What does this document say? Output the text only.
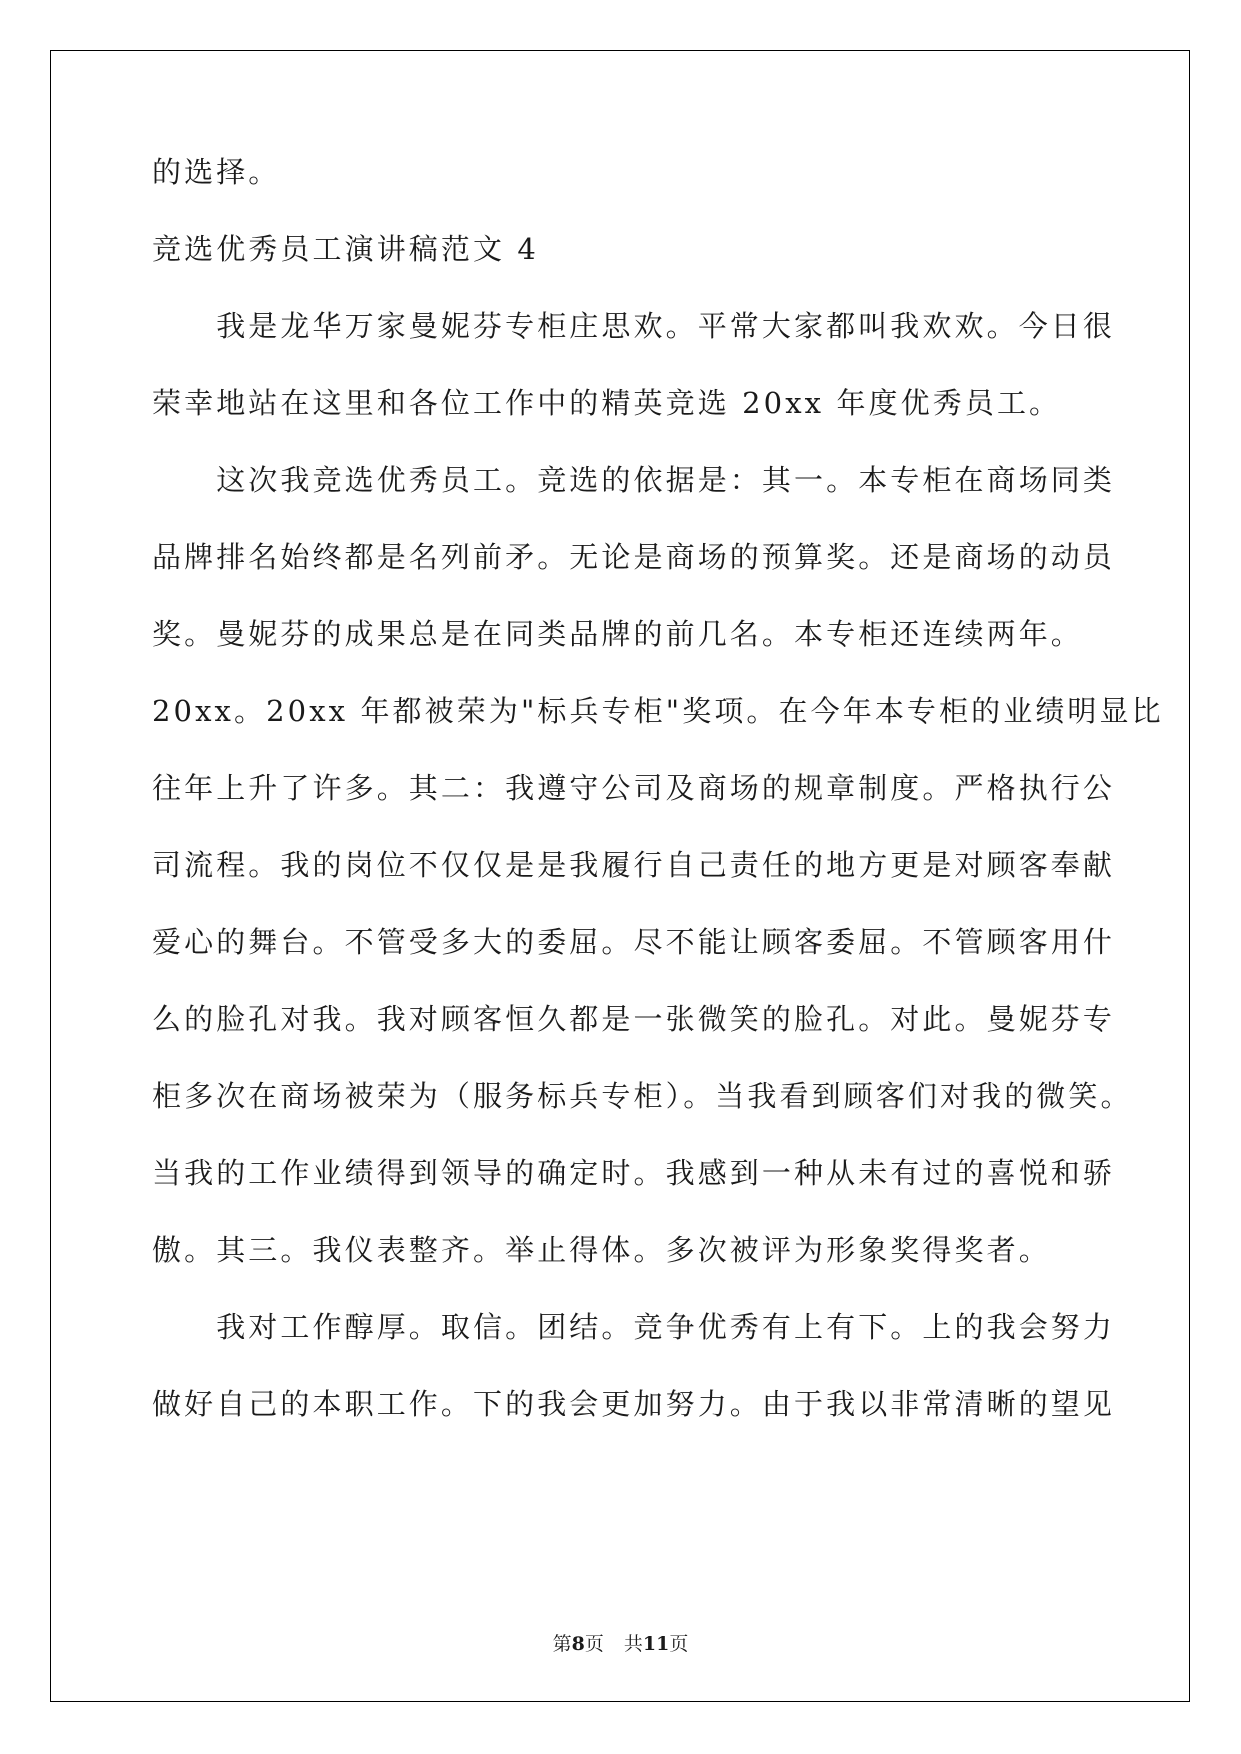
的选择。

竞选优秀员工演讲稿范文 4

　　我是龙华万家曼妮芬专柜庄思欢。平常大家都叫我欢欢。今日很

荣幸地站在这里和各位工作中的精英竞选 20xx 年度优秀员工。

　　这次我竞选优秀员工。竞选的依据是：其一。本专柜在商场同类

品牌排名始终都是名列前矛。无论是商场的预算奖。还是商场的动员

奖。曼妮芬的成果总是在同类品牌的前几名。本专柜还连续两年。

20xx。20xx 年都被荣为"标兵专柜"奖项。在今年本专柜的业绩明显比

往年上升了许多。其二：我遵守公司及商场的规章制度。严格执行公

司流程。我的岗位不仅仅是是我履行自己责任的地方更是对顾客奉献

爱心的舞台。不管受多大的委屈。尽不能让顾客委屈。不管顾客用什

么的脸孔对我。我对顾客恒久都是一张微笑的脸孔。对此。曼妮芬专

柜多次在商场被荣为（服务标兵专柜）。当我看到顾客们对我的微笑。

当我的工作业绩得到领导的确定时。我感到一种从未有过的喜悦和骄

傲。其三。我仪表整齐。举止得体。多次被评为形象奖得奖者。

　　我对工作醇厚。取信。团结。竞争优秀有上有下。上的我会努力

做好自己的本职工作。下的我会更加努力。由于我以非常清晰的望见

第8页 共11页
